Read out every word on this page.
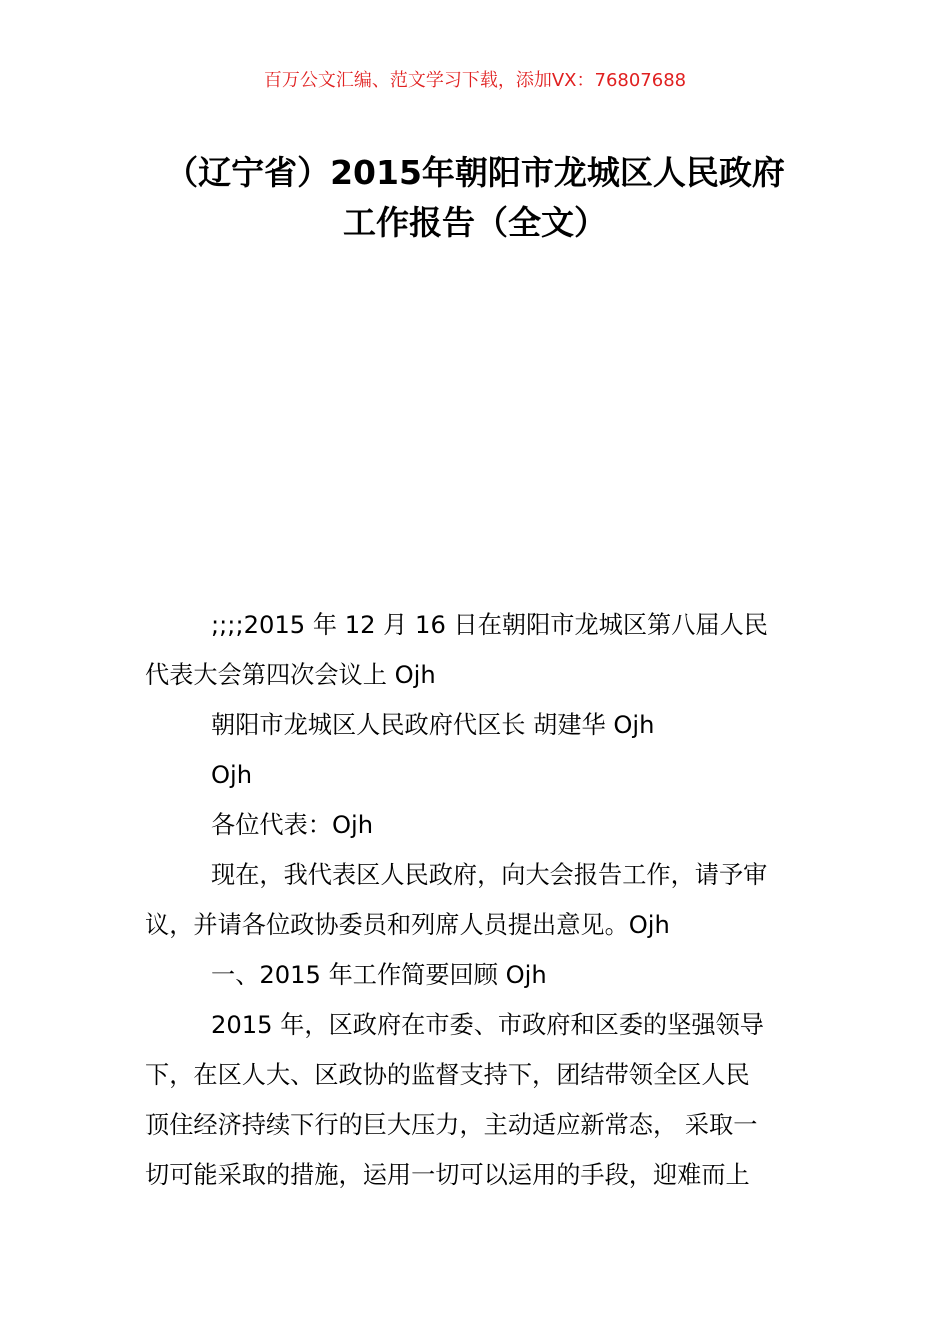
百万公文汇编、范文学习下载，添加VX：76807688
（辽宁省）2015年朝阳市龙城区人民政府
工作报告（全文）
;;;;2015 年 12 月 16 日在朝阳市龙城区第八届人民
代表大会第四次会议上 Ojh
朝阳市龙城区人民政府代区长 胡建华 Ojh
Ojh
各位代表：Ojh
现在，我代表区人民政府，向大会报告工作，请予审
议，并请各位政协委员和列席人员提出意见。Ojh
一、2015 年工作简要回顾 Ojh
2015 年，区政府在市委、市政府和区委的坚强领导
下，在区人大、区政协的监督支持下，团结带领全区人民
顶住经济持续下行的巨大压力，主动适应新常态， 采取一
切可能采取的措施，运用一切可以运用的手段，迎难而上
